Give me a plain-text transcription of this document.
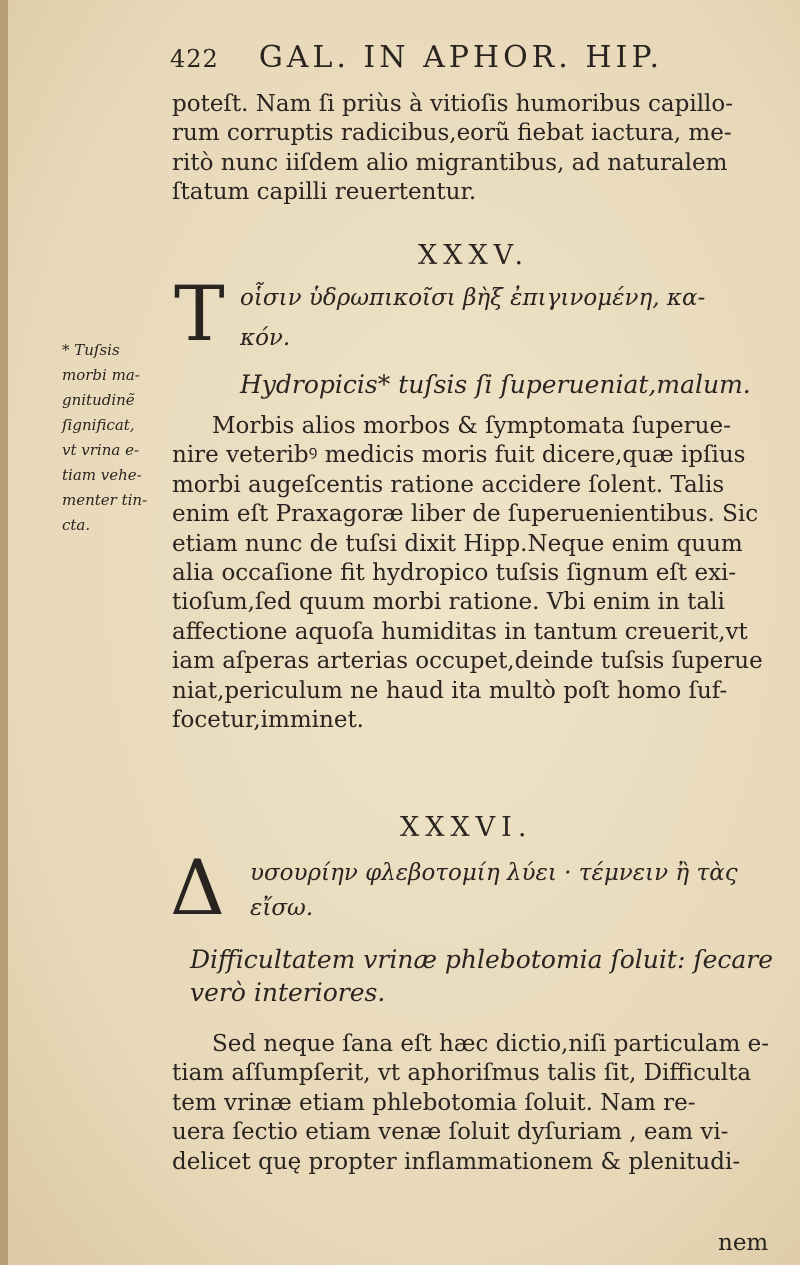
422 GAL. IN APHOR. HIP.
poteſt. Nam ſi priùs à vitioſis humoribus capillo-
rum corruptis radicibus,eorũ fiebat iactura, me-
ritò nunc iiſdem alio migrantibus, ad naturalem
ſtatum capilli reuertentur.
XXXV.
T οἷσιν ὑδρωπικοῖσι βὴξ ἐπιγινομένη, κα-
κόν.
Hydropicis* tuſsis ſi ſuperueniat,malum.
* Tuſsis
morbi ma-
gnitudinẽ
ſignificat,
vt vrina e-
tiam vehe-
menter tin-
cta.
Morbis alios morbos & ſymptomata ſuperue-
nire veteribꝰ medicis moris fuit dicere,quæ ipſius
morbi augeſcentis ratione accidere ſolent. Talis
enim eſt Praxagoræ liber de ſuperuenientibus. Sic
etiam nunc de tuſsi dixit Hipp.Neque enim quum
alia occaſione fit hydropico tuſsis ſignum eſt exi-
tioſum,ſed quum morbi ratione. Vbi enim in tali
affectione aquoſa humiditas in tantum creuerit,vt
iam aſperas arterias occupet,deinde tuſsis ſuperue
niat,periculum ne haud ita multò poſt homo ſuf-
focetur,imminet.
XXXVI.
Δ υσουρίην φλεβοτομίη λύει · τέμνειν ἢ τὰς
εἴσω.
Difficultatem vrinæ phlebotomia ſoluit: ſecare
verò interiores.
Sed neque ſana eſt hæc dictio,niſi particulam e-
tiam aſſumpſerit, vt aphoriſmus talis ſit, Difficulta
tem vrinæ etiam phlebotomia ſoluit. Nam re-
uera ſectio etiam venæ ſoluit dyſuriam , eam vi-
delicet quę propter inflammationem & plenitudi-
nem
